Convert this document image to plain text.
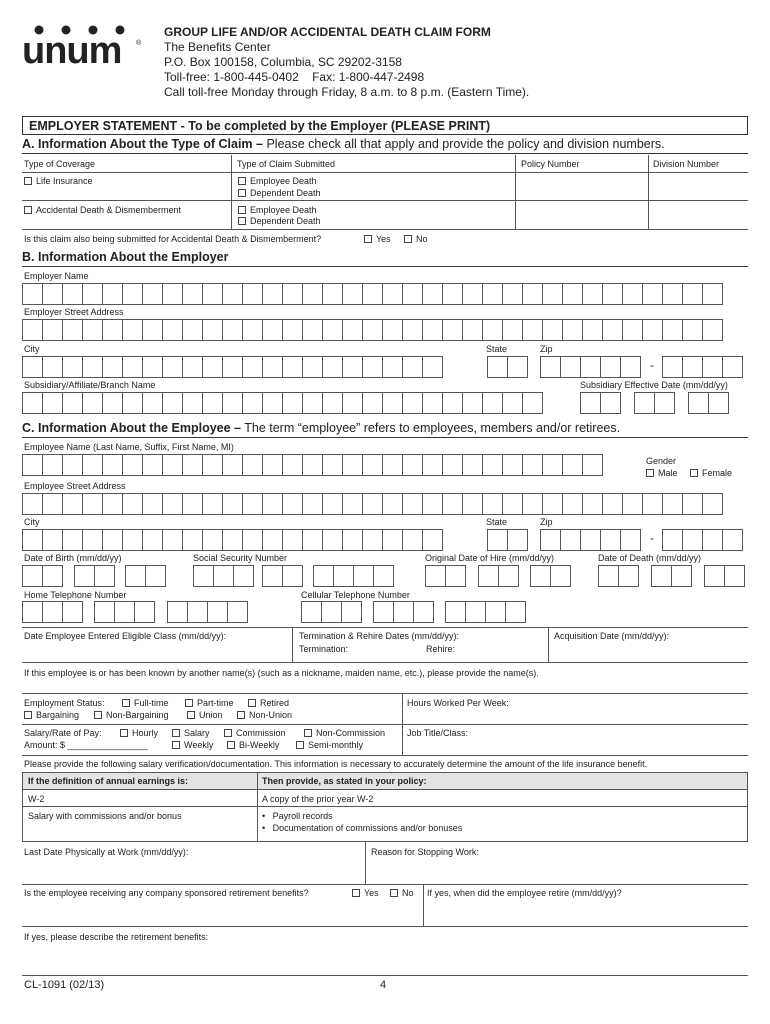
unum ®
GROUP LIFE AND/OR ACCIDENTAL DEATH CLAIM FORM
The Benefits Center
P.O. Box 100158, Columbia, SC 29202-3158
Toll-free: 1-800-445-0402    Fax: 1-800-447-2498
Call toll-free Monday through Friday, 8 a.m. to 8 p.m. (Eastern Time).
EMPLOYER STATEMENT - To be completed by the Employer (PLEASE PRINT)
A. Information About the Type of Claim – Please check all that apply and provide the policy and division numbers.
Type of Coverage	Type of Claim Submitted	Policy Number	Division Number
Life Insurance	Employee Death
Dependent Death
Accidental Death & Dismemberment	Employee Death
Dependent Death
Is this claim also being submitted for Accidental Death & Dismemberment?	Yes	No
B. Information About the Employer
Employer Name
Employer Street Address
City	State	Zip
-
Subsidiary/Affiliate/Branch Name	Subsidiary Effective Date (mm/dd/yy)
C. Information About the Employee – The term “employee” refers to employees, members and/or retirees.
Employee Name (Last Name, Suffix, First Name, MI)
Gender
Male	Female
Employee Street Address
City	State	Zip
-
Date of Birth (mm/dd/yy)	Social Security Number	Original Date of Hire (mm/dd/yy)	Date of Death (mm/dd/yy)
Home Telephone Number	Cellular Telephone Number
Date Employee Entered Eligible Class (mm/dd/yy):	Termination & Rehire Dates (mm/dd/yy):
Termination:	Rehire:
Acquisition Date (mm/dd/yy):
If this employee is or has been known by another name(s) (such as a nickname, maiden name, etc.), please provide the name(s).
Employment Status:	Full-time	Part-time	Retired
Bargaining	Non-Bargaining	Union	Non-Union
Hours Worked Per Week:
Salary/Rate of Pay:	Hourly	Salary	Commission	Non-Commission
Amount: $ ________________	Weekly	Bi-Weekly	Semi-monthly
Job Title/Class:
Please provide the following salary verification/documentation. This information is necessary to accurately determine the amount of the life insurance benefit.
If the definition of annual earnings is:	Then provide, as stated in your policy:
W-2	A copy of the prior year W-2
Salary with commissions and/or bonus	•   Payroll records
•   Documentation of commissions and/or bonuses
Last Date Physically at Work (mm/dd/yy):	Reason for Stopping Work:
Is the employee receiving any company sponsored retirement benefits?	Yes	No If yes, when did the employee retire (mm/dd/yy)?
If yes, please describe the retirement benefits:
CL-1091 (02/13)	4
